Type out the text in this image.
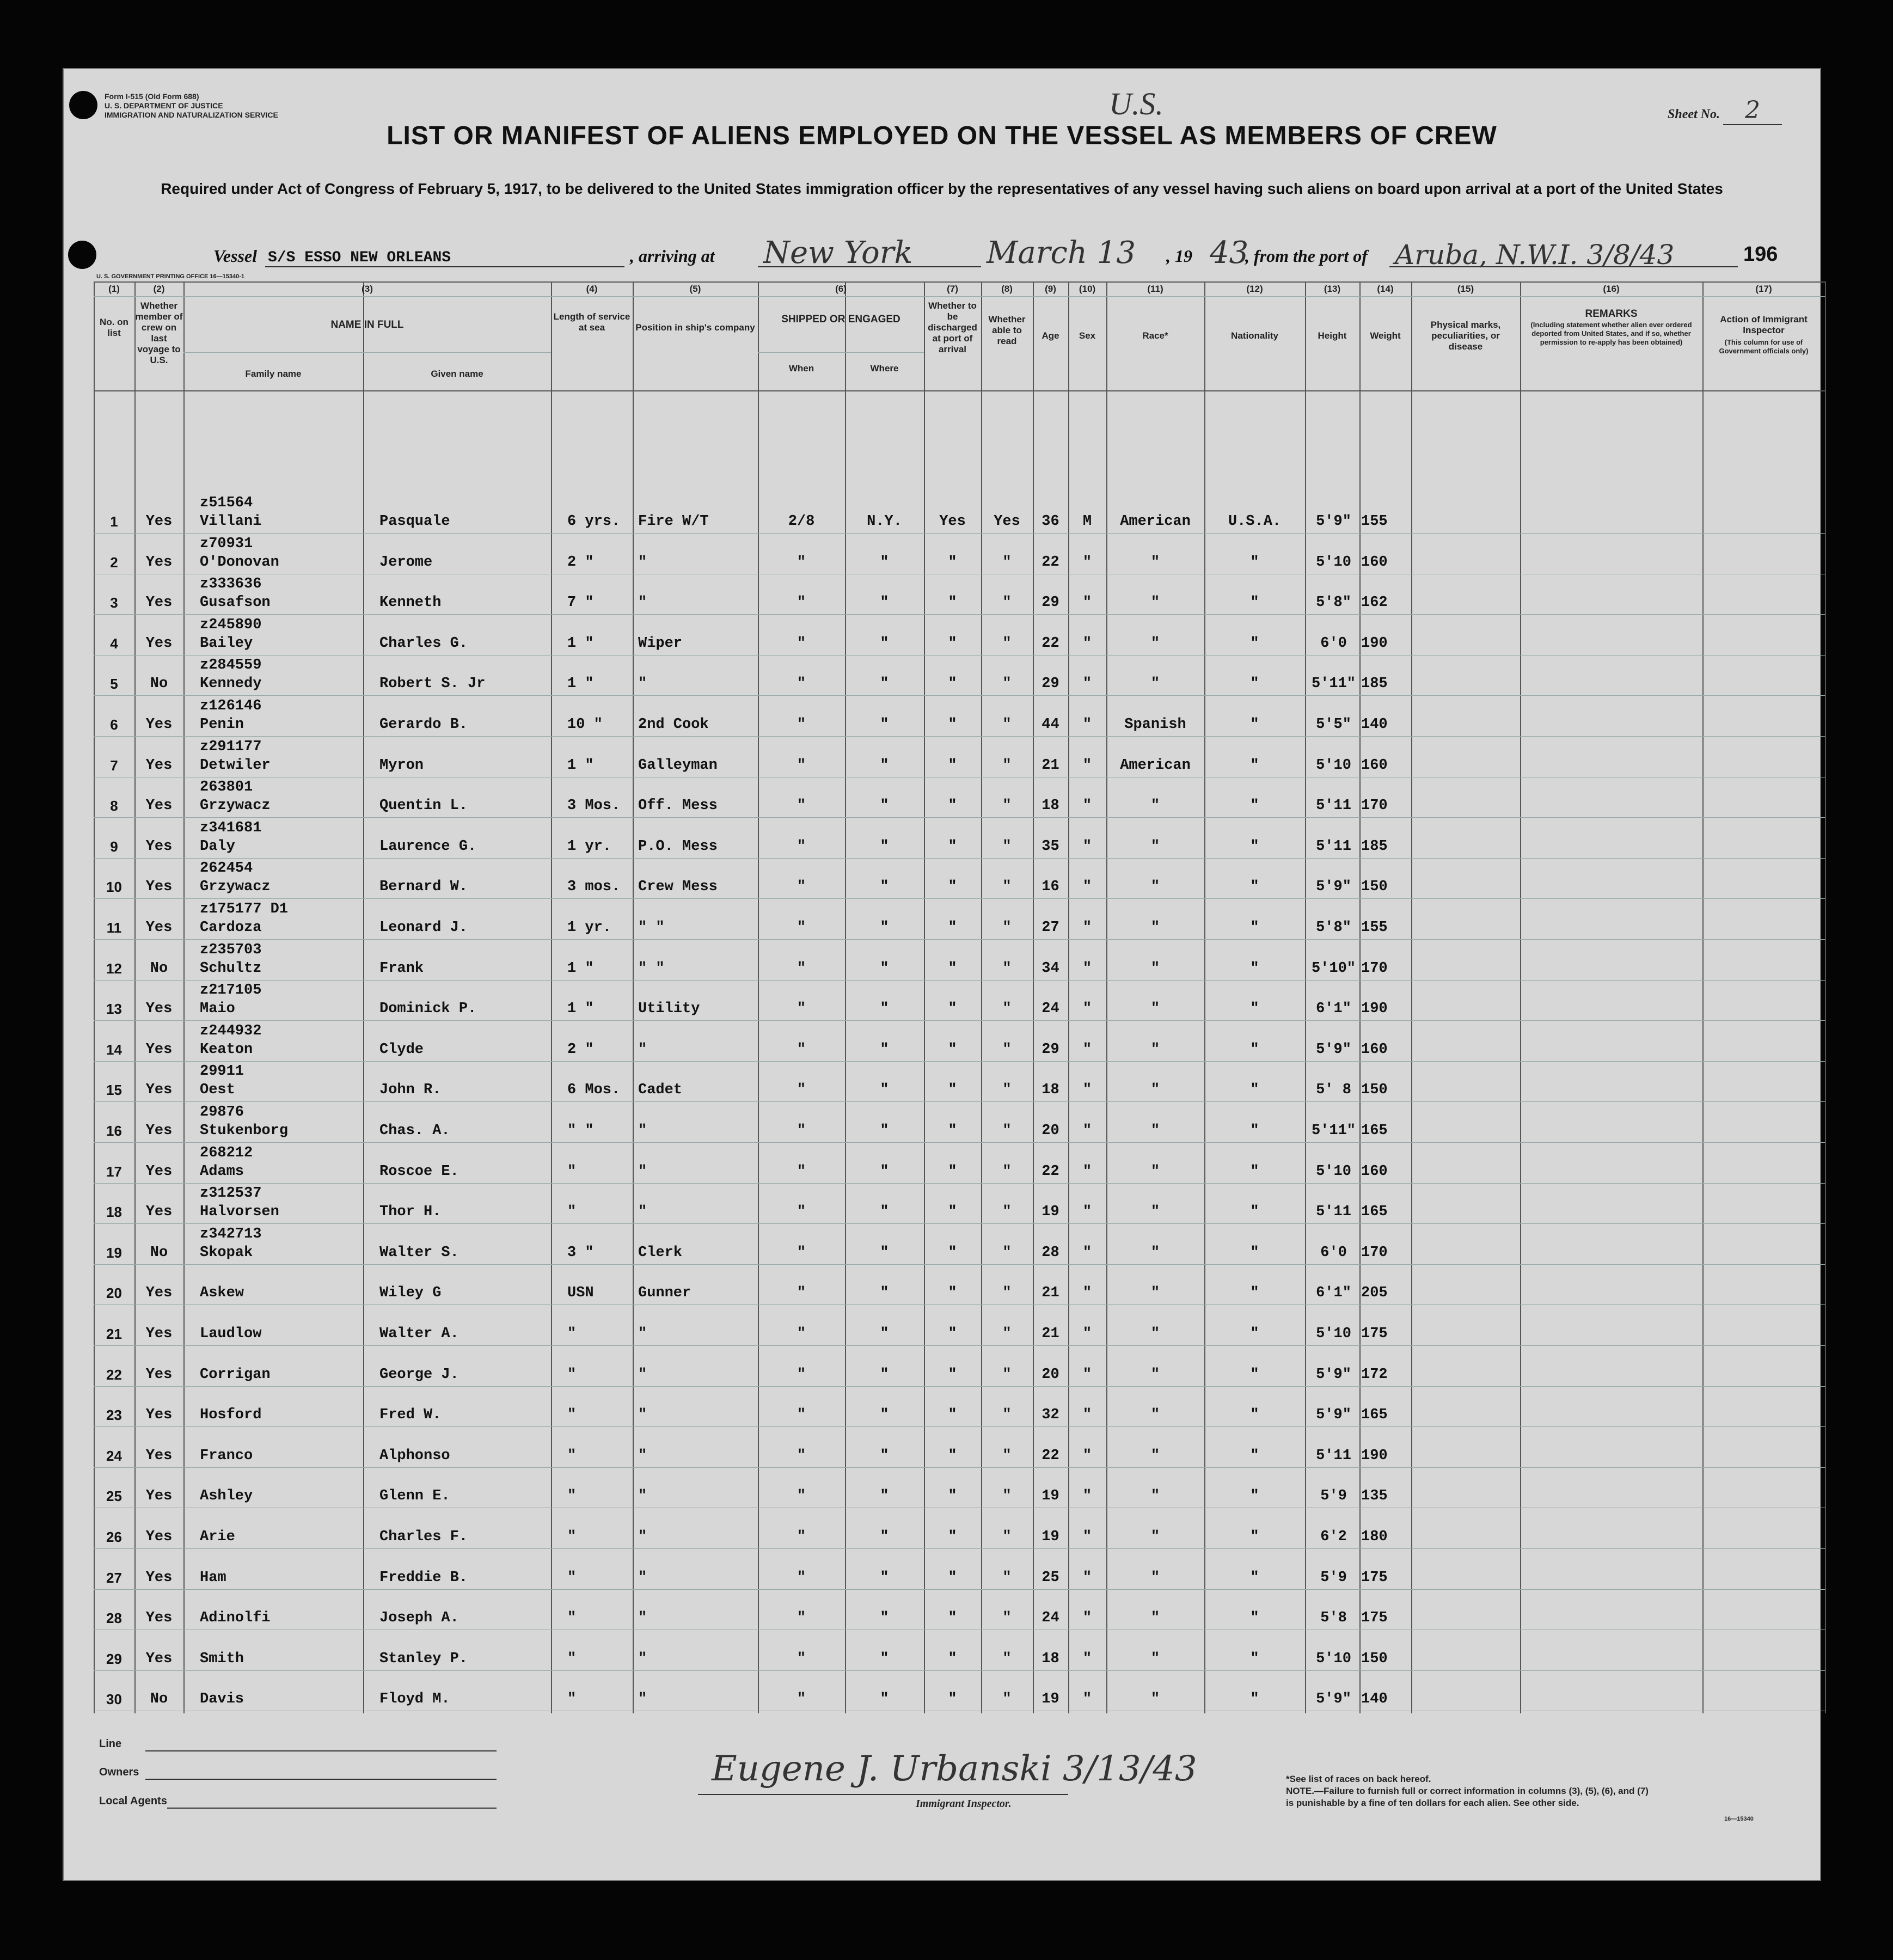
Form I-515 (Old Form 688)
U. S. DEPARTMENT OF JUSTICE
IMMIGRATION AND NATURALIZATION SERVICE	U.S.	Sheet No. 2
LIST OR MANIFEST OF ALIENS EMPLOYED ON THE VESSEL AS MEMBERS OF CREW
Required under Act of Congress of February 5, 1917, to be delivered to the United States immigration officer by the representatives of any vessel having such aliens on board upon arrival at a port of the United States
Vessel S/S ESSO NEW ORLEANS	, arriving at New York March 13 , 19 43
, from the port of Aruba, N.W.I. 3/8/43	196
U. S. GOVERNMENT PRINTING OFFICE 16—15340-1
(1)	(2)	(3)	(4)	(5)	(6)	(7)	(8)	(9)	(10)	(11)	(12)	(13)	(14)	(15)	(16)	(17)
No. on list
Whether member of crew on last voyage to U.S.
NAME IN FULL
Family name	Given name
Length of service at sea	Position in ship's company
SHIPPED OR ENGAGED
When	Where
Whether to be discharged at port of arrival
Whether able to read
Age	Sex	Race*	Nationality	Height	Weight
Physical marks, peculiarities, or disease
REMARKS
(Including statement whether alien ever ordered deported from United States, and if so, whether permission to re-apply has been obtained)
Action of Immigrant Inspector
(This column for use of Government officials only)
z51564
1	Yes	Villani	Pasquale	6 yrs.	Fire W/T	2/8	N.Y.	Yes	Yes	36	M	American	U.S.A.	5'9" 155
z70931
2	Yes	O'Donovan	Jerome	2 "	"	"	"	"	"	22	"	"	"	5'10 160
z333636
3	Yes	Gusafson	Kenneth	7 "	"	"	"	"	"	29	"	"	"	5'8" 162
z245890
4	Yes	Bailey	Charles G.	1 "	Wiper	"	"	"	"	22	"	"	"	6'0 190
z284559
5	No	Kennedy	Robert S. Jr	1 "	"	"	"	"	"	29	"	"	"	5'11" 185
z126146
6	Yes	Penin	Gerardo B.	10 "	2nd Cook	"	"	"	"	44	"	Spanish	"	5'5" 140
z291177
7	Yes	Detwiler	Myron	1 "	Galleyman	"	"	"	"	21	"	American	"	5'10 160
263801
8	Yes	Grzywacz	Quentin L.	3 Mos.	Off. Mess	"	"	"	"	18	"	"	"	5'11 170
z341681
9	Yes	Daly	Laurence G.	1 yr.	P.O. Mess	"	"	"	"	35	"	"	"	5'11 185
262454
10	Yes	Grzywacz	Bernard W.	3 mos.	Crew Mess	"	"	"	"	16	"	"	"	5'9" 150
z175177 D1
11	Yes	Cardoza	Leonard J.	1 yr.	" "	"	"	"	"	27	"	"	"	5'8" 155
z235703
12	No	Schultz	Frank	1 "	" "	"	"	"	"	34	"	"	"	5'10" 170
z217105
13	Yes	Maio	Dominick P.	1 "	Utility	"	"	"	"	24	"	"	"	6'1" 190
z244932
14	Yes	Keaton	Clyde	2 "	"	"	"	"	"	29	"	"	"	5'9" 160
29911
15	Yes	Oest	John R.	6 Mos.	Cadet	"	"	"	"	18	"	"	"	5' 8 150
29876
16	Yes	Stukenborg	Chas. A.	" "	"	"	"	"	"	20	"	"	"	5'11" 165
268212
17	Yes	Adams	Roscoe E.	"	"	"	"	"	"	22	"	"	"	5'10 160
z312537
18	Yes	Halvorsen	Thor H.	"	"	"	"	"	"	19	"	"	"	5'11 165
z342713
19	No	Skopak	Walter S.	3 "	Clerk	"	"	"	"	28	"	"	"	6'0 170
20	Yes	Askew	Wiley G	USN	Gunner	"	"	"	"	21	"	"	"	6'1" 205
21	Yes	Laudlow	Walter A.	"	"	"	"	"	"	21	"	"	"	5'10 175
22	Yes	Corrigan	George J.	"	"	"	"	"	"	20	"	"	"	5'9" 172
23	Yes	Hosford	Fred W.	"	"	"	"	"	"	32	"	"	"	5'9" 165
24	Yes	Franco	Alphonso	"	"	"	"	"	"	22	"	"	"	5'11 190
25	Yes	Ashley	Glenn E.	"	"	"	"	"	"	19	"	"	"	5'9 135
26	Yes	Arie	Charles F.	"	"	"	"	"	"	19	"	"	"	6'2 180
27	Yes	Ham	Freddie B.	"	"	"	"	"	"	25	"	"	"	5'9 175
28	Yes	Adinolfi	Joseph A.	"	"	"	"	"	"	24	"	"	"	5'8 175
29	Yes	Smith	Stanley P.	"	"	"	"	"	"	18	"	"	"	5'10 150
30	No	Davis	Floyd M.	"	"	"	"	"	"	19	"	"	"	5'9" 140
Line
Owners
Local Agents
Eugene J. Urbanski 3/13/43
Immigrant Inspector.
*See list of races on back hereof.
NOTE.—Failure to furnish full or correct information in columns (3), (5), (6), and (7)
is punishable by a fine of ten dollars for each alien. See other side.
16—15340
